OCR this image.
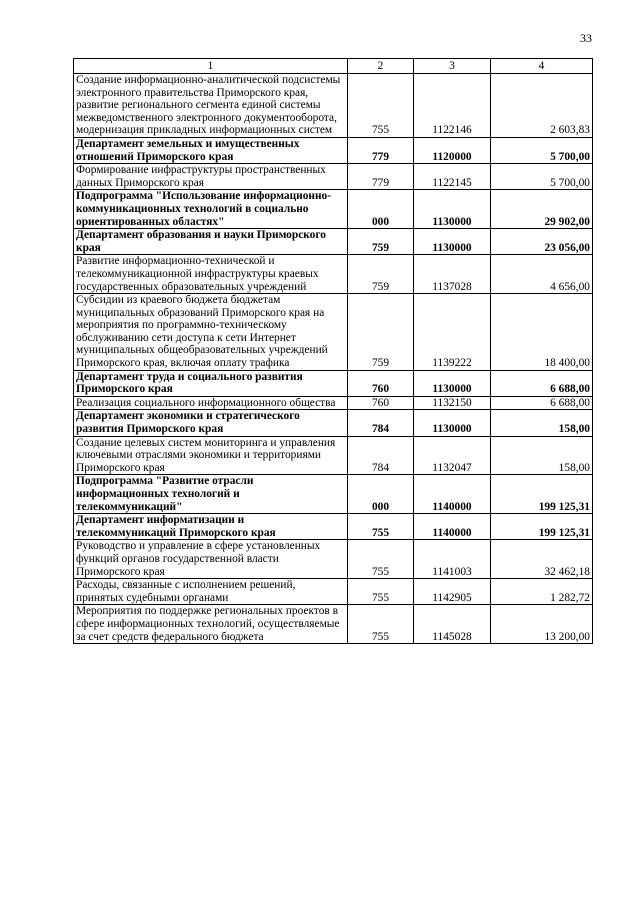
33
1	2	3	4
Создание информационно-аналитической подсистемы электронного правительства Приморского края, развитие регионального сегмента единой системы межведомственного электронного документооборота, модернизация прикладных информационных систем	755	1122146	2 603,83
Департамент земельных и имущественных отношений Приморского края	779	1120000	5 700,00
Формирование инфраструктуры пространственных данных Приморского края	779	1122145	5 700,00
Подпрограмма "Использование информационно-коммуникационных технологий в социально ориентированных областях"	000	1130000	29 902,00
Департамент образования и науки Приморского края	759	1130000	23 056,00
Развитие информационно-технической и телекоммуникационной инфраструктуры краевых государственных образовательных учреждений	759	1137028	4 656,00
Субсидии из краевого бюджета бюджетам муниципальных образований Приморского края на мероприятия по программно-техническому обслуживанию сети доступа к сети Интернет муниципальных общеобразовательных учреждений Приморского края, включая оплату трафика	759	1139222	18 400,00
Департамент труда и социального развития Приморского края	760	1130000	6 688,00
Реализация социального информационного общества	760	1132150	6 688,00
Департамент экономики и стратегического развития Приморского края	784	1130000	158,00
Создание целевых систем мониторинга и управления ключевыми отраслями экономики и территориями Приморского края	784	1132047	158,00
Подпрограмма "Развитие отрасли информационных технологий и телекоммуникаций"	000	1140000	199 125,31
Департамент информатизации и телекоммуникаций Приморского края	755	1140000	199 125,31
Руководство и управление в сфере установленных функций органов государственной власти Приморского края	755	1141003	32 462,18
Расходы, связанные с исполнением решений, принятых судебными органами	755	1142905	1 282,72
Мероприятия по поддержке региональных проектов в сфере информационных технологий, осуществляемые за счет средств федерального бюджета	755	1145028	13 200,00
